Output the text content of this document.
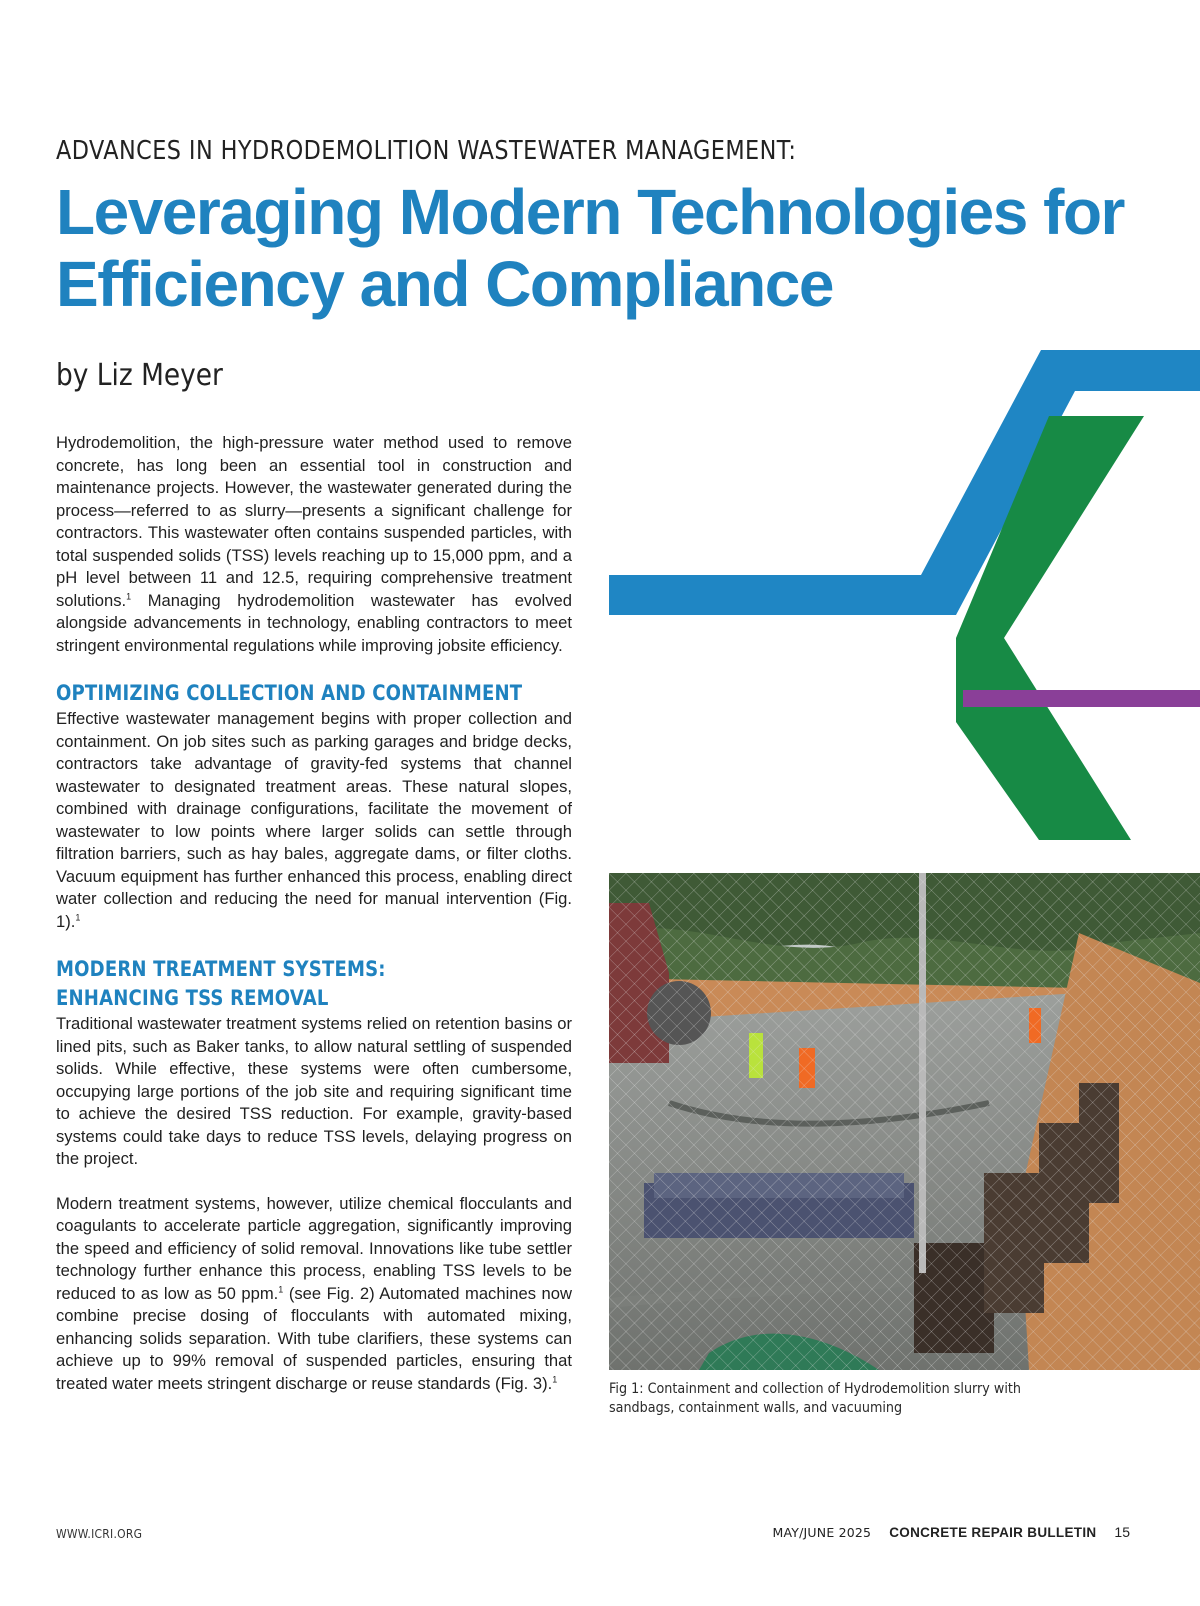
ADVANCES IN HYDRODEMOLITION WASTEWATER MANAGEMENT:
Leveraging Modern Technologies for
Efficiency and Compliance
by Liz Meyer

Hydrodemolition, the high-pressure water method used to remove concrete, has long been an essential tool in construction and maintenance projects. However, the wastewater generated during the process—referred to as slurry—presents a significant challenge for contractors. This wastewater often contains suspended particles, with total suspended solids (TSS) levels reaching up to 15,000 ppm, and a pH level between 11 and 12.5, requiring comprehensive treatment solutions.$^1$ Managing hydrodemolition wastewater has evolved alongside advancements in technology, enabling contractors to meet stringent environmental regulations while improving jobsite efficiency.

OPTIMIZING COLLECTION AND CONTAINMENT

Effective wastewater management begins with proper collection and containment. On job sites such as parking garages and bridge decks, contractors take advantage of gravity-fed systems that channel wastewater to designated treatment areas. These natural slopes, combined with drainage configurations, facilitate the movement of wastewater to low points where larger solids can settle through filtration barriers, such as hay bales, aggregate dams, or filter cloths. Vacuum equipment has further enhanced this process, enabling direct water collection and reducing the need for manual intervention (Fig. 1).$^1$

MODERN TREATMENT SYSTEMS: ENHANCING TSS REMOVAL

Traditional wastewater treatment systems relied on retention basins or lined pits, such as Baker tanks, to allow natural settling of suspended solids. While effective, these systems were often cumbersome, occupying large portions of the job site and requiring significant time to achieve the desired TSS reduction. For example, gravity-based systems could take days to reduce TSS levels, delaying progress on the project.

Modern treatment systems, however, utilize chemical flocculants and coagulants to accelerate particle aggregation, significantly improving the speed and efficiency of solid removal. Innovations like tube settler technology further enhance this process, enabling TSS levels to be reduced to as low as 50 ppm.$^1$ (see Fig. 2) Automated machines now combine precise dosing of flocculants with automated mixing, enhancing solids separation. With tube clarifiers, these systems can achieve up to 99% removal of suspended particles, ensuring that treated water meets stringent discharge or reuse standards (Fig. 3).$^1$

Fig 1: Containment and collection of Hydrodemolition slurry with sandbags, containment walls, and vacuuming
WWW.ICRI.ORG	MAY/JUNE 2025 CONCRETE REPAIR BULLETIN 15
